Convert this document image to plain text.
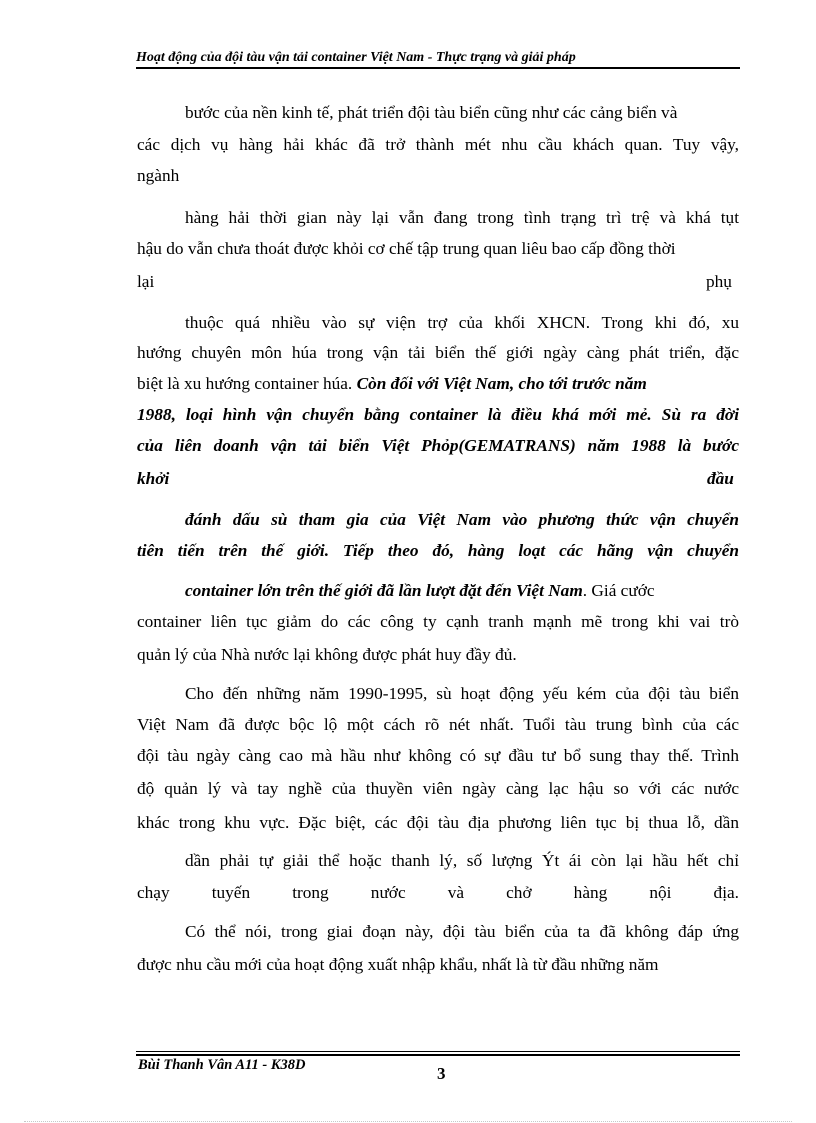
Hoạt động của đội tàu vận tải container Việt Nam - Thực trạng và giải pháp
bước của nền kinh tế, phát triển đội tàu biển cũng như các cảng biển và
các dịch vụ hàng hải khác đã trở thành mét nhu cầu khách quan. Tuy vậy,
ngành
hàng hải thời gian này lại vẫn đang trong tình trạng trì trệ và khá tụt
hậu do vẫn chưa thoát được khỏi cơ chế tập trung quan liêu bao cấp đồng thời
lại	phụ
thuộc quá nhiều vào sự viện trợ của khối XHCN. Trong khi đó, xu
hướng chuyên môn húa trong vận tải biển thế giới ngày càng phát triển, đặc
biệt là xu hướng container húa. Còn đối với Việt Nam, cho tới trước năm
1988, loại hình vận chuyển bằng container là điều khá mới mẻ. Sù ra đời
của liên doanh vận tải biển Việt Phỏp(GEMATRANS) năm 1988 là bước
khởi	đầu
đánh dấu sù tham gia của Việt Nam vào phương thức vận chuyển
tiên tiến trên thế giới. Tiếp theo đó, hàng loạt các hãng vận chuyển
container lớn trên thế giới đã lần lượt đặt đến Việt Nam. Giá cước
container liên tục giảm do các công ty cạnh tranh mạnh mẽ trong khi vai trò
quản lý của Nhà nước lại không được phát huy đầy đủ.
Cho đến những năm 1990-1995, sù hoạt động yếu kém của đội tàu biển
Việt Nam đã được bộc lộ một cách rõ nét nhất. Tuổi tàu trung bình của các
đội tàu ngày càng cao mà hầu như không có sự đầu tư bổ sung thay thế. Trình
độ quản lý và tay nghề của thuyền viên ngày càng lạc hậu so với các nước
khác trong khu vực. Đặc biệt, các đội tàu địa phương liên tục bị thua lỗ, dần
dần phải tự giải thể hoặc thanh lý, số lượng Ýt ái còn lại hầu hết chỉ
chạy tuyến trong nước và chở hàng nội địa.
Có thể nói, trong giai đoạn này, đội tàu biển của ta đã không đáp ứng
được nhu cầu mới của hoạt động xuất nhập khẩu, nhất là từ đầu những năm
Bùi Thanh Vân A11 - K38D	3
